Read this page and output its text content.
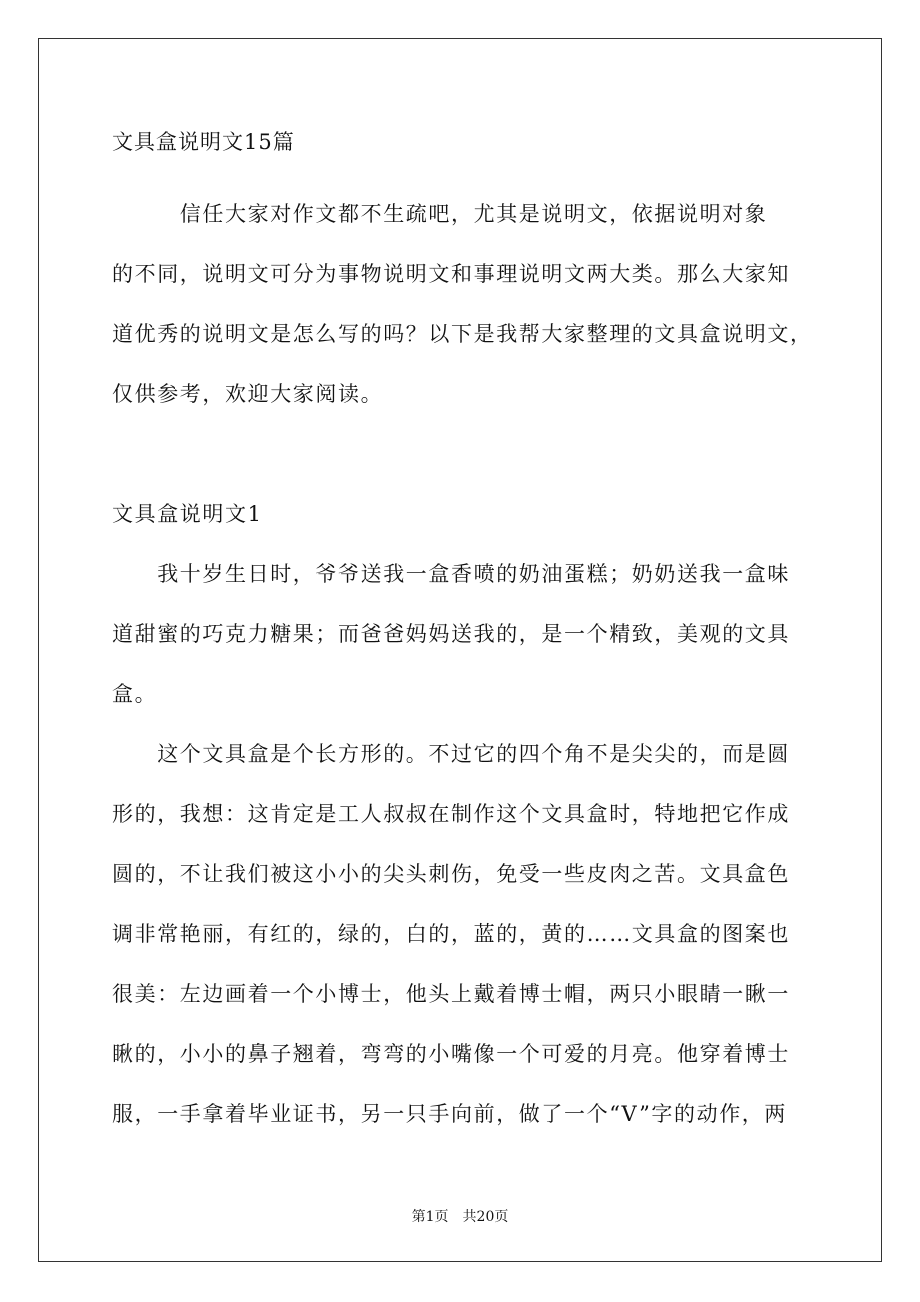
文具盒说明文15篇
　　　信任大家对作文都不生疏吧，尤其是说明文，依据说明对象
的不同，说明文可分为事物说明文和事理说明文两大类。那么大家知
道优秀的说明文是怎么写的吗？以下是我帮大家整理的文具盒说明文，
仅供参考，欢迎大家阅读。
文具盒说明文1
　　我十岁生日时，爷爷送我一盒香喷的奶油蛋糕；奶奶送我一盒味
道甜蜜的巧克力糖果；而爸爸妈妈送我的，是一个精致，美观的文具
盒。
　　这个文具盒是个长方形的。不过它的四个角不是尖尖的，而是圆
形的，我想：这肯定是工人叔叔在制作这个文具盒时，特地把它作成
圆的，不让我们被这小小的尖头刺伤，免受一些皮肉之苦。文具盒色
调非常艳丽，有红的，绿的，白的，蓝的，黄的……文具盒的图案也
很美：左边画着一个小博士，他头上戴着博士帽，两只小眼睛一瞅一
瞅的，小小的鼻子翘着，弯弯的小嘴像一个可爱的月亮。他穿着博士
服，一手拿着毕业证书，另一只手向前，做了一个“V”字的动作，两
第1页 共20页
